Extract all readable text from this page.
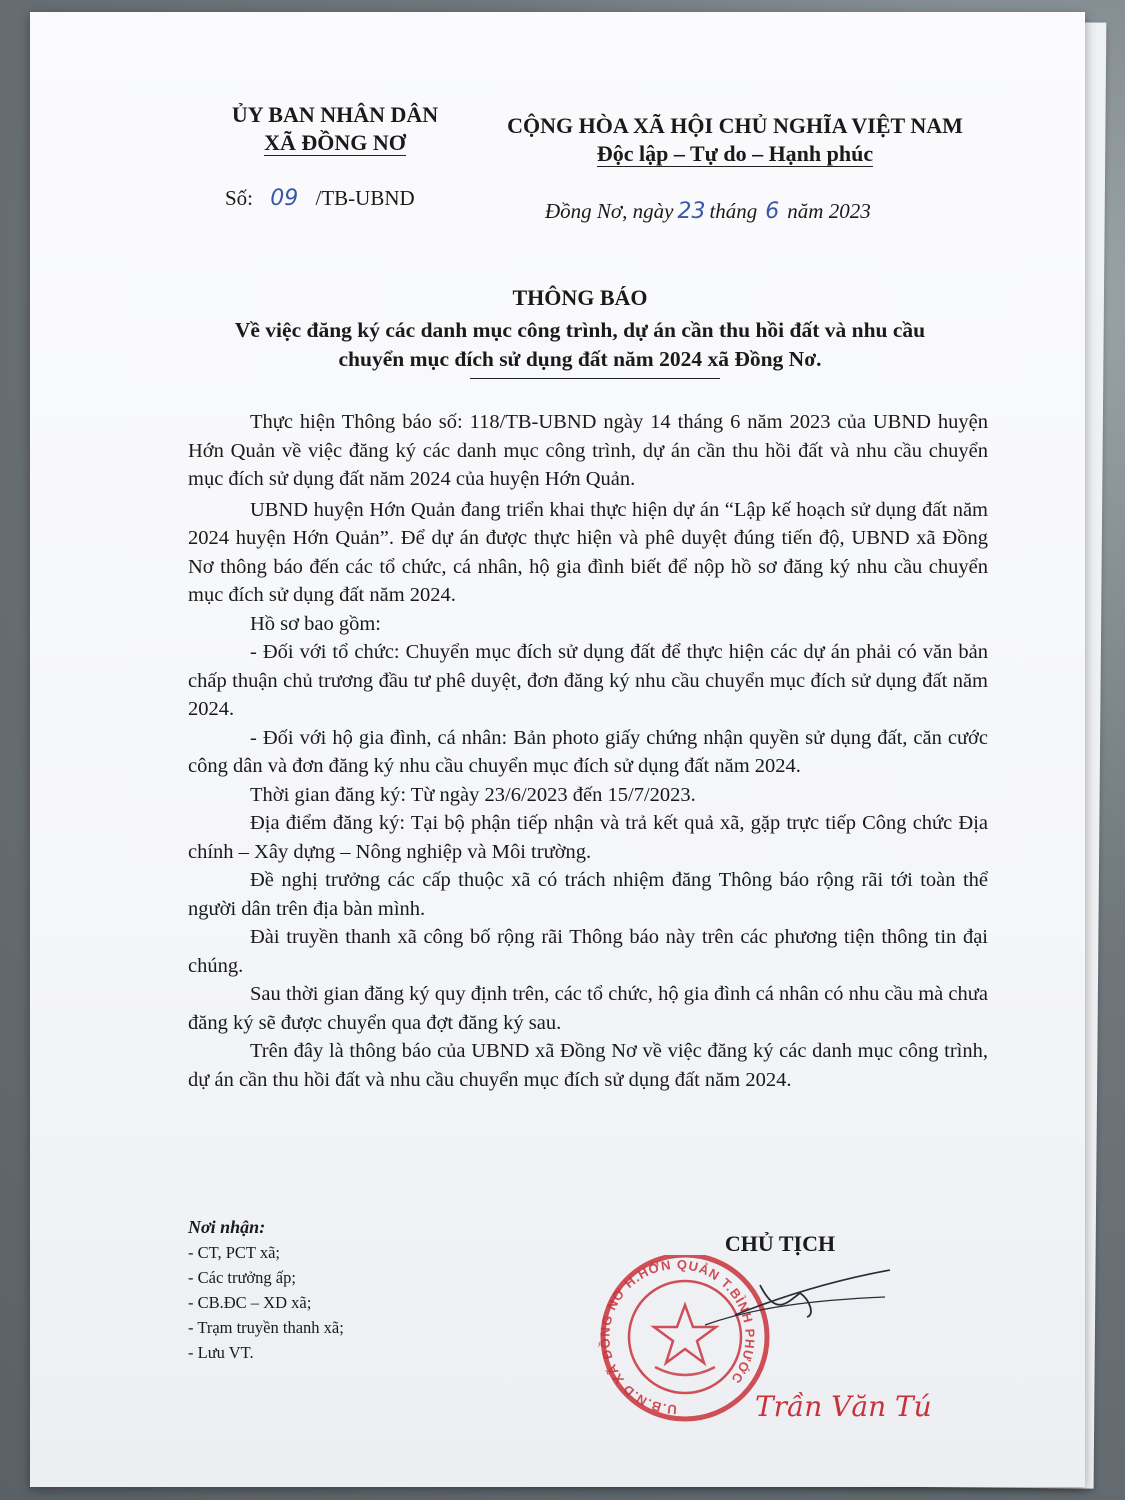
ỦY BAN NHÂN DÂN
XÃ ĐỒNG NƠ
CỘNG HÒA XÃ HỘI CHỦ NGHĨA VIỆT NAM
Độc lập – Tự do – Hạnh phúc
Số: 09 /TB-UBND
Đồng Nơ, ngày 23 tháng 6 năm 2023
THÔNG BÁO
Về việc đăng ký các danh mục công trình, dự án cần thu hồi đất và nhu cầu
chuyển mục đích sử dụng đất năm 2024 xã Đồng Nơ.

Thực hiện Thông báo số: 118/TB-UBND ngày 14 tháng 6 năm 2023 của UBND huyện Hớn Quản về việc đăng ký các danh mục công trình, dự án cần thu hồi đất và nhu cầu chuyển mục đích sử dụng đất năm 2024 của huyện Hớn Quản.

UBND huyện Hớn Quản đang triển khai thực hiện dự án “Lập kế hoạch sử dụng đất năm 2024 huyện Hớn Quản”. Để dự án được thực hiện và phê duyệt đúng tiến độ, UBND xã Đồng Nơ thông báo đến các tổ chức, cá nhân, hộ gia đình biết để nộp hồ sơ đăng ký nhu cầu chuyển mục đích sử dụng đất năm 2024.

Hồ sơ bao gồm:

- Đối với tổ chức: Chuyển mục đích sử dụng đất để thực hiện các dự án phải có văn bản chấp thuận chủ trương đầu tư phê duyệt, đơn đăng ký nhu cầu chuyển mục đích sử dụng đất năm 2024.

- Đối với hộ gia đình, cá nhân: Bản photo giấy chứng nhận quyền sử dụng đất, căn cước công dân và đơn đăng ký nhu cầu chuyển mục đích sử dụng đất năm 2024.

Thời gian đăng ký: Từ ngày 23/6/2023 đến 15/7/2023.

Địa điểm đăng ký: Tại bộ phận tiếp nhận và trả kết quả xã, gặp trực tiếp Công chức Địa chính – Xây dựng – Nông nghiệp và Môi trường.

Đề nghị trưởng các cấp thuộc xã có trách nhiệm đăng Thông báo rộng rãi tới toàn thể người dân trên địa bàn mình.

Đài truyền thanh xã công bố rộng rãi Thông báo này trên các phương tiện thông tin đại chúng.

Sau thời gian đăng ký quy định trên, các tổ chức, hộ gia đình cá nhân có nhu cầu mà chưa đăng ký sẽ được chuyển qua đợt đăng ký sau.

Trên đây là thông báo của UBND xã Đồng Nơ về việc đăng ký các danh mục công trình, dự án cần thu hồi đất và nhu cầu chuyển mục đích sử dụng đất năm 2024.

Nơi nhận:
- CT, PCT xã;
- Các trưởng ấp;
- CB.ĐC – XD xã;
- Trạm truyền thanh xã;
- Lưu VT.
CHỦ TỊCH
U.B.N.D XÃ ĐỒNG NƠ H.HỚN QUẢN T.BÌNH PHƯỚC
Trần Văn Tú
